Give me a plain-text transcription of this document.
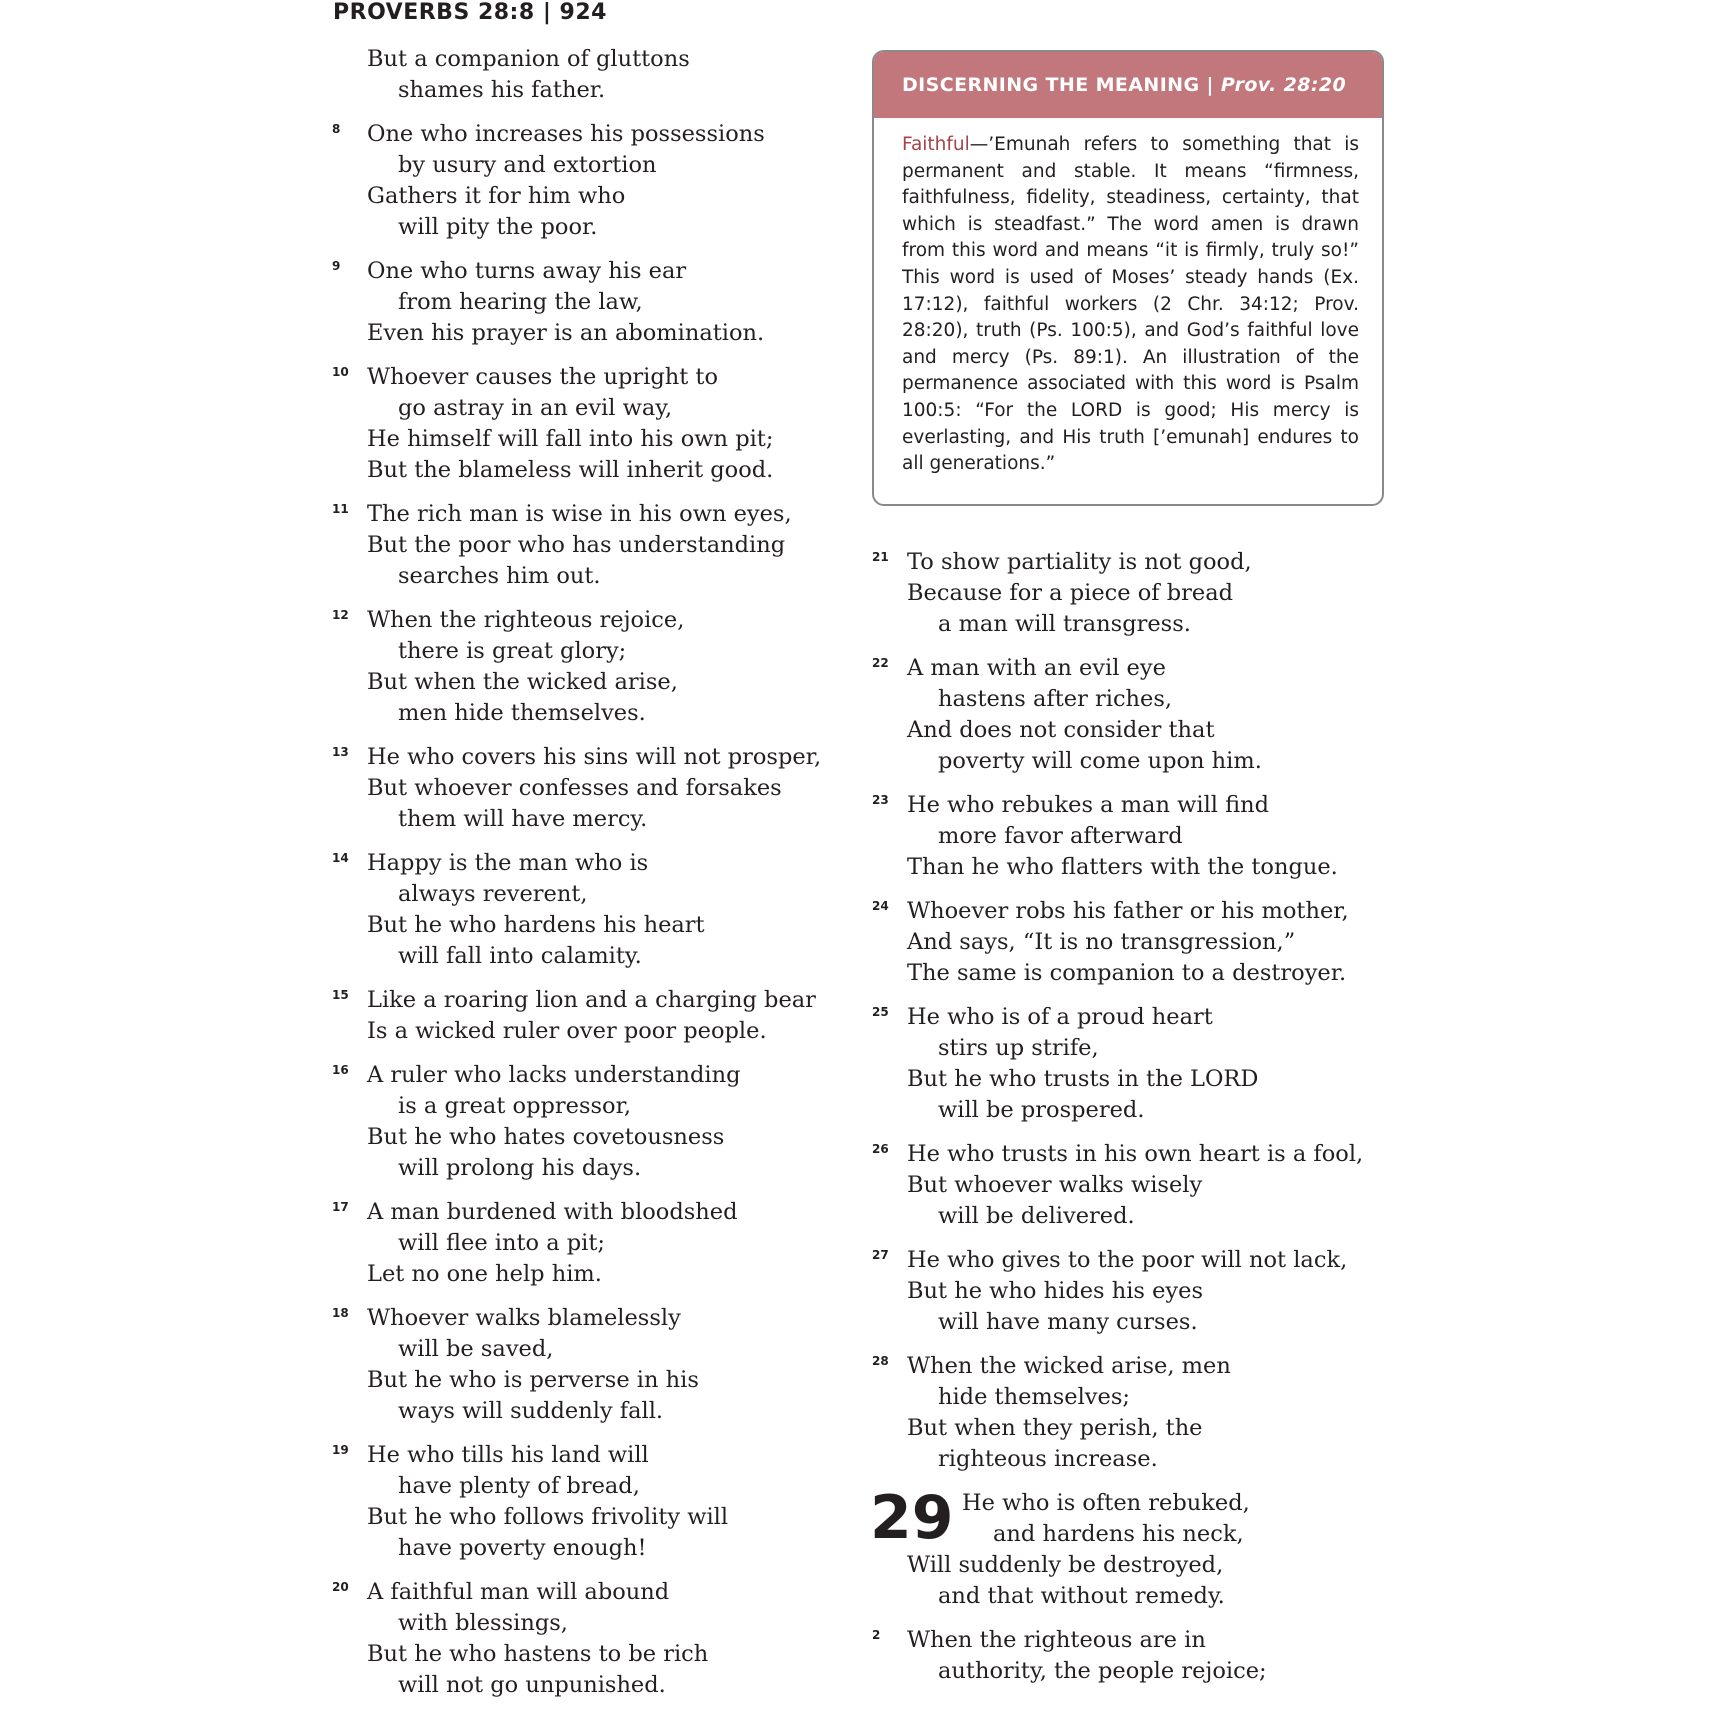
PROVERBS 28:8 | 924
But a companion of gluttons
shames his father.
8 One who increases his possessions
by usury and extortion
Gathers it for him who
will pity the poor.
9 One who turns away his ear
from hearing the law,
Even his prayer is an abomination.
10 Whoever causes the upright to
go astray in an evil way,
He himself will fall into his own pit;
But the blameless will inherit good.
11 The rich man is wise in his own eyes,
But the poor who has understanding
searches him out.
12 When the righteous rejoice,
there is great glory;
But when the wicked arise,
men hide themselves.
13 He who covers his sins will not prosper,
But whoever confesses and forsakes
them will have mercy.
14 Happy is the man who is
always reverent,
But he who hardens his heart
will fall into calamity.
15 Like a roaring lion and a charging bear
Is a wicked ruler over poor people.
16 A ruler who lacks understanding
is a great oppressor,
But he who hates covetousness
will prolong his days.
17 A man burdened with bloodshed
will flee into a pit;
Let no one help him.
18 Whoever walks blamelessly
will be saved,
But he who is perverse in his
ways will suddenly fall.
19 He who tills his land will
have plenty of bread,
But he who follows frivolity will
have poverty enough!
20 A faithful man will abound
with blessings,
But he who hastens to be rich
will not go unpunished.
DISCERNING THE MEANING | Prov. 28:20
Faithful—’Emunah refers to something that is permanent and stable. It means “firmness, faithfulness, fidelity, steadiness, certainty, that which is steadfast.” The word amen is drawn from this word and means “it is firmly, truly so!” This word is used of Moses’ steady hands (Ex. 17:12), faithful workers (2 Chr. 34:12; Prov. 28:20), truth (Ps. 100:5), and God’s faithful love and mercy (Ps. 89:1). An illustration of the permanence associated with this word is Psalm 100:5: “For the LORD is good; His mercy is everlasting, and His truth [’emunah] endures to all generations.”
21 To show partiality is not good,
Because for a piece of bread
a man will transgress.
22 A man with an evil eye
hastens after riches,
And does not consider that
poverty will come upon him.
23 He who rebukes a man will find
more favor afterward
Than he who flatters with the tongue.
24 Whoever robs his father or his mother,
And says, “It is no transgression,”
The same is companion to a destroyer.
25 He who is of a proud heart
stirs up strife,
But he who trusts in the LORD
will be prospered.
26 He who trusts in his own heart is a fool,
But whoever walks wisely
will be delivered.
27 He who gives to the poor will not lack,
But he who hides his eyes
will have many curses.
28 When the wicked arise, men
hide themselves;
But when they perish, the
righteous increase.
29 He who is often rebuked,
and hardens his neck,
Will suddenly be destroyed,
and that without remedy.
2 When the righteous are in
authority, the people rejoice;
